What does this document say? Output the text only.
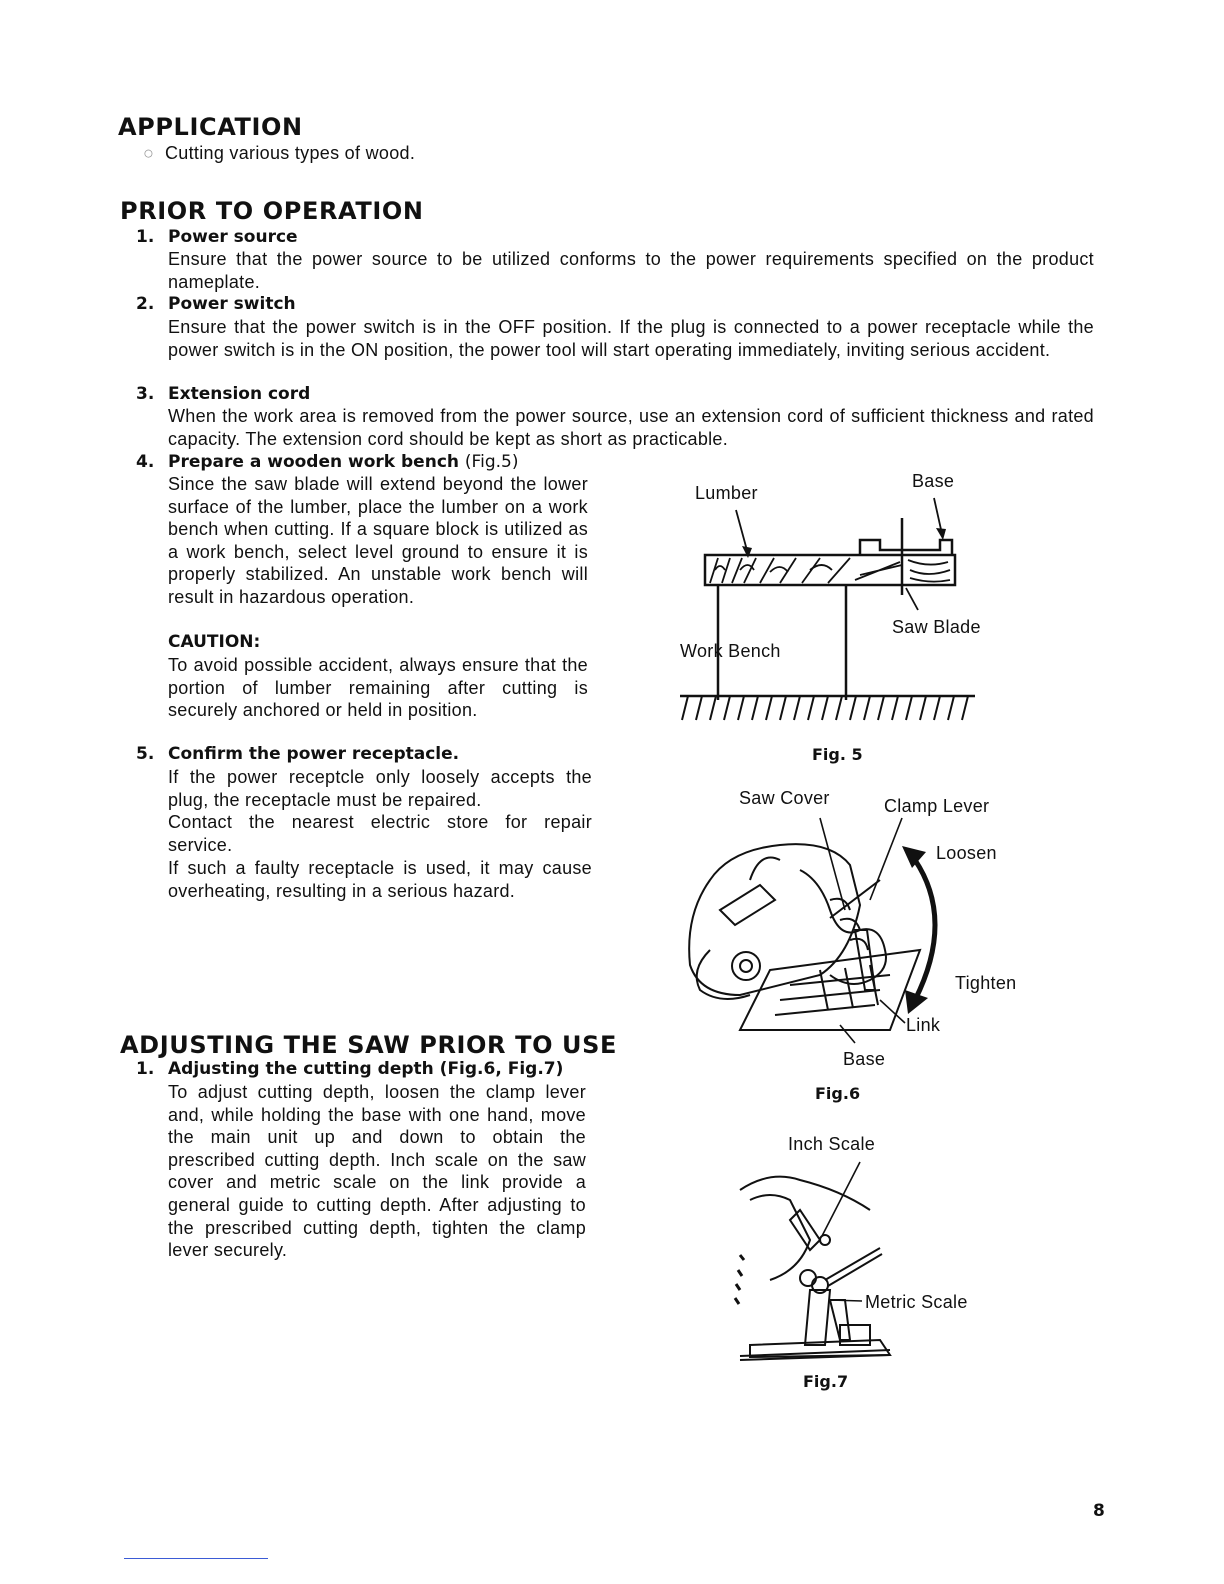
APPLICATION
○ Cutting various types of wood.
PRIOR TO OPERATION
1. Power source
Ensure that the power source to be utilized conforms to the power requirements specified on the product nameplate.
2. Power switch
Ensure that the power switch is in the OFF position. If the plug is connected to a power receptacle while the power switch is in the ON position, the power tool will start operating immediately, inviting serious accident.
3. Extension cord
When the work area is removed from the power source, use an extension cord of sufficient thickness and rated capacity. The extension cord should be kept as short as practicable.
4. Prepare a wooden work bench (Fig.5)
Since the saw blade will extend beyond the lower surface of the lumber, place the lumber on a work bench when cutting. If a square block is utilized as a work bench, select level ground to ensure it is properly stabilized. An unstable work bench will result in hazardous operation.
CAUTION:
To avoid possible accident, always ensure that the portion of lumber remaining after cutting is securely anchored or held in position.
5. Confirm the power receptacle.
If the power receptcle only loosely accepts the plug, the receptacle must be repaired.
Contact the nearest electric store for repair service.
If such a faulty receptacle is used, it may cause overheating, resulting in a serious hazard.
ADJUSTING THE SAW PRIOR TO USE
1. Adjusting the cutting depth (Fig.6, Fig.7)
To adjust cutting depth, loosen the clamp lever and, while holding the base with one hand, move the main unit up and down to obtain the prescribed cutting depth. Inch scale on the saw cover and metric scale on the link provide a general guide to cutting depth. After adjusting to the prescribed cutting depth, tighten the clamp lever securely.
Lumber
Base
Saw Blade
Work Bench
Fig. 5
Saw Cover	Clamp Lever
Loosen
Tighten
Link
Base
Fig.6
Inch Scale
Metric Scale
Fig.7
8
